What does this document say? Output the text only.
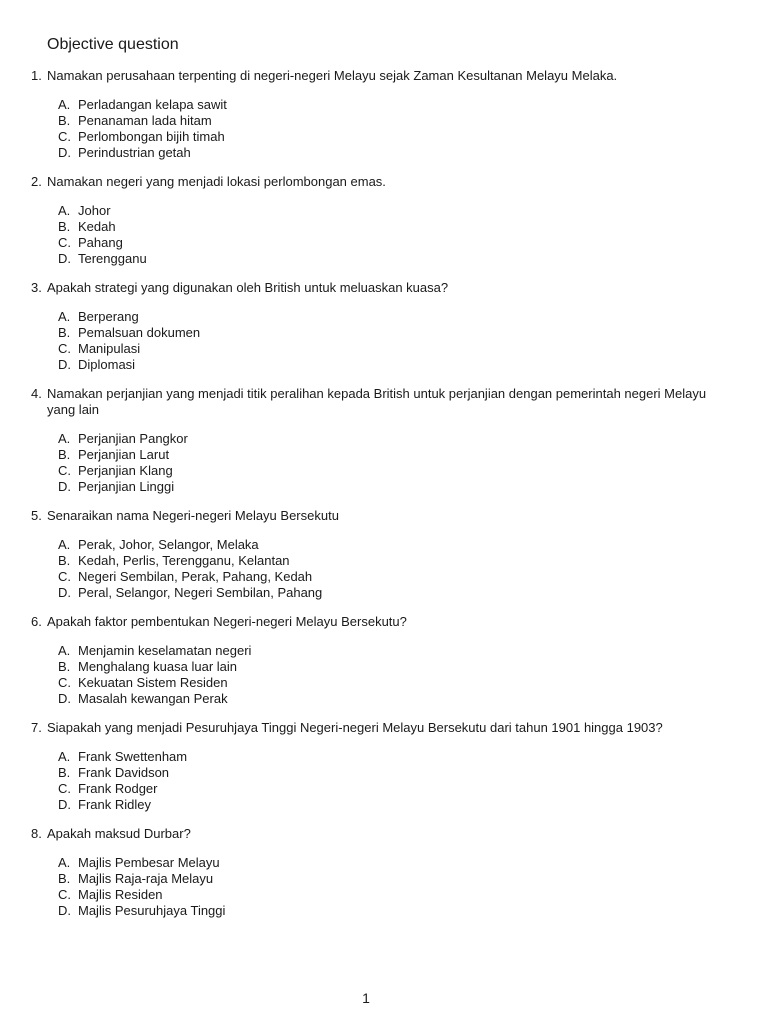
Objective question
1. Namakan perusahaan terpenting di negeri-negeri Melayu sejak Zaman Kesultanan Melayu Melaka.
A. Perladangan kelapa sawit
B. Penanaman lada hitam
C. Perlombongan bijih timah
D. Perindustrian getah
2. Namakan negeri yang menjadi lokasi perlombongan emas.
A. Johor
B. Kedah
C. Pahang
D. Terengganu
3. Apakah strategi yang digunakan oleh British untuk meluaskan kuasa?
A. Berperang
B. Pemalsuan dokumen
C. Manipulasi
D. Diplomasi
4. Namakan perjanjian yang menjadi titik peralihan kepada British untuk perjanjian dengan pemerintah negeri Melayu yang lain
A. Perjanjian Pangkor
B. Perjanjian Larut
C. Perjanjian Klang
D. Perjanjian Linggi
5. Senaraikan nama Negeri-negeri Melayu Bersekutu
A. Perak, Johor, Selangor, Melaka
B. Kedah, Perlis, Terengganu, Kelantan
C. Negeri Sembilan, Perak, Pahang, Kedah
D. Peral, Selangor, Negeri Sembilan, Pahang
6. Apakah faktor pembentukan Negeri-negeri Melayu Bersekutu?
A. Menjamin keselamatan negeri
B. Menghalang kuasa luar lain
C. Kekuatan Sistem Residen
D. Masalah kewangan Perak
7. Siapakah yang menjadi Pesuruhjaya Tinggi Negeri-negeri Melayu Bersekutu dari tahun 1901 hingga 1903?
A. Frank Swettenham
B. Frank Davidson
C. Frank Rodger
D. Frank Ridley
8. Apakah maksud Durbar?
A. Majlis Pembesar Melayu
B. Majlis Raja-raja Melayu
C. Majlis Residen
D. Majlis Pesuruhjaya Tinggi
1
